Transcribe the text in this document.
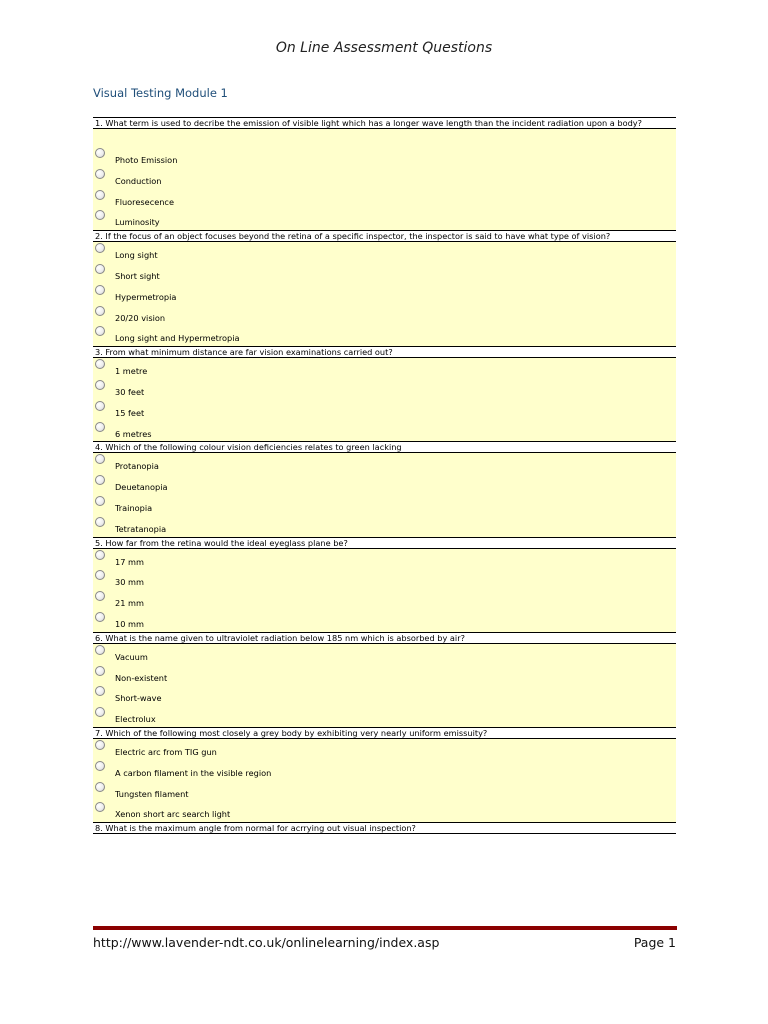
On Line Assessment Questions
Visual Testing Module 1
1. What term is used to decribe the emission of visible light which has a longer wave length than the incident radiation upon a body?
Photo Emission
Conduction
Fluoresecence
Luminosity
2. If the focus of an object focuses beyond the retina of a specific inspector, the inspector is said to have what type of vision?
Long sight
Short sight
Hypermetropia
20/20 vision
Long sight and Hypermetropia
3. From what minimum distance are far vision examinations carried out?
1 metre
30 feet
15 feet
6 metres
4. Which of the following colour vision deficiencies relates to green lacking
Protanopia
Deuetanopia
Trainopia
Tetratanopia
5. How far from the retina would the ideal eyeglass plane be?
17 mm
30 mm
21 mm
10 mm
6. What is the name given to ultraviolet radiation below 185 nm which is absorbed by air?
Vacuum
Non-existent
Short-wave
Electrolux
7. Which of the following most closely a grey body by exhibiting very nearly uniform emissuity?
Electric arc from TIG gun
A carbon filament in the visible region
Tungsten filament
Xenon short arc search light
8. What is the maximum angle from normal for acrrying out visual inspection?
http://www.lavender-ndt.co.uk/onlinelearning/index.asp	Page 1
